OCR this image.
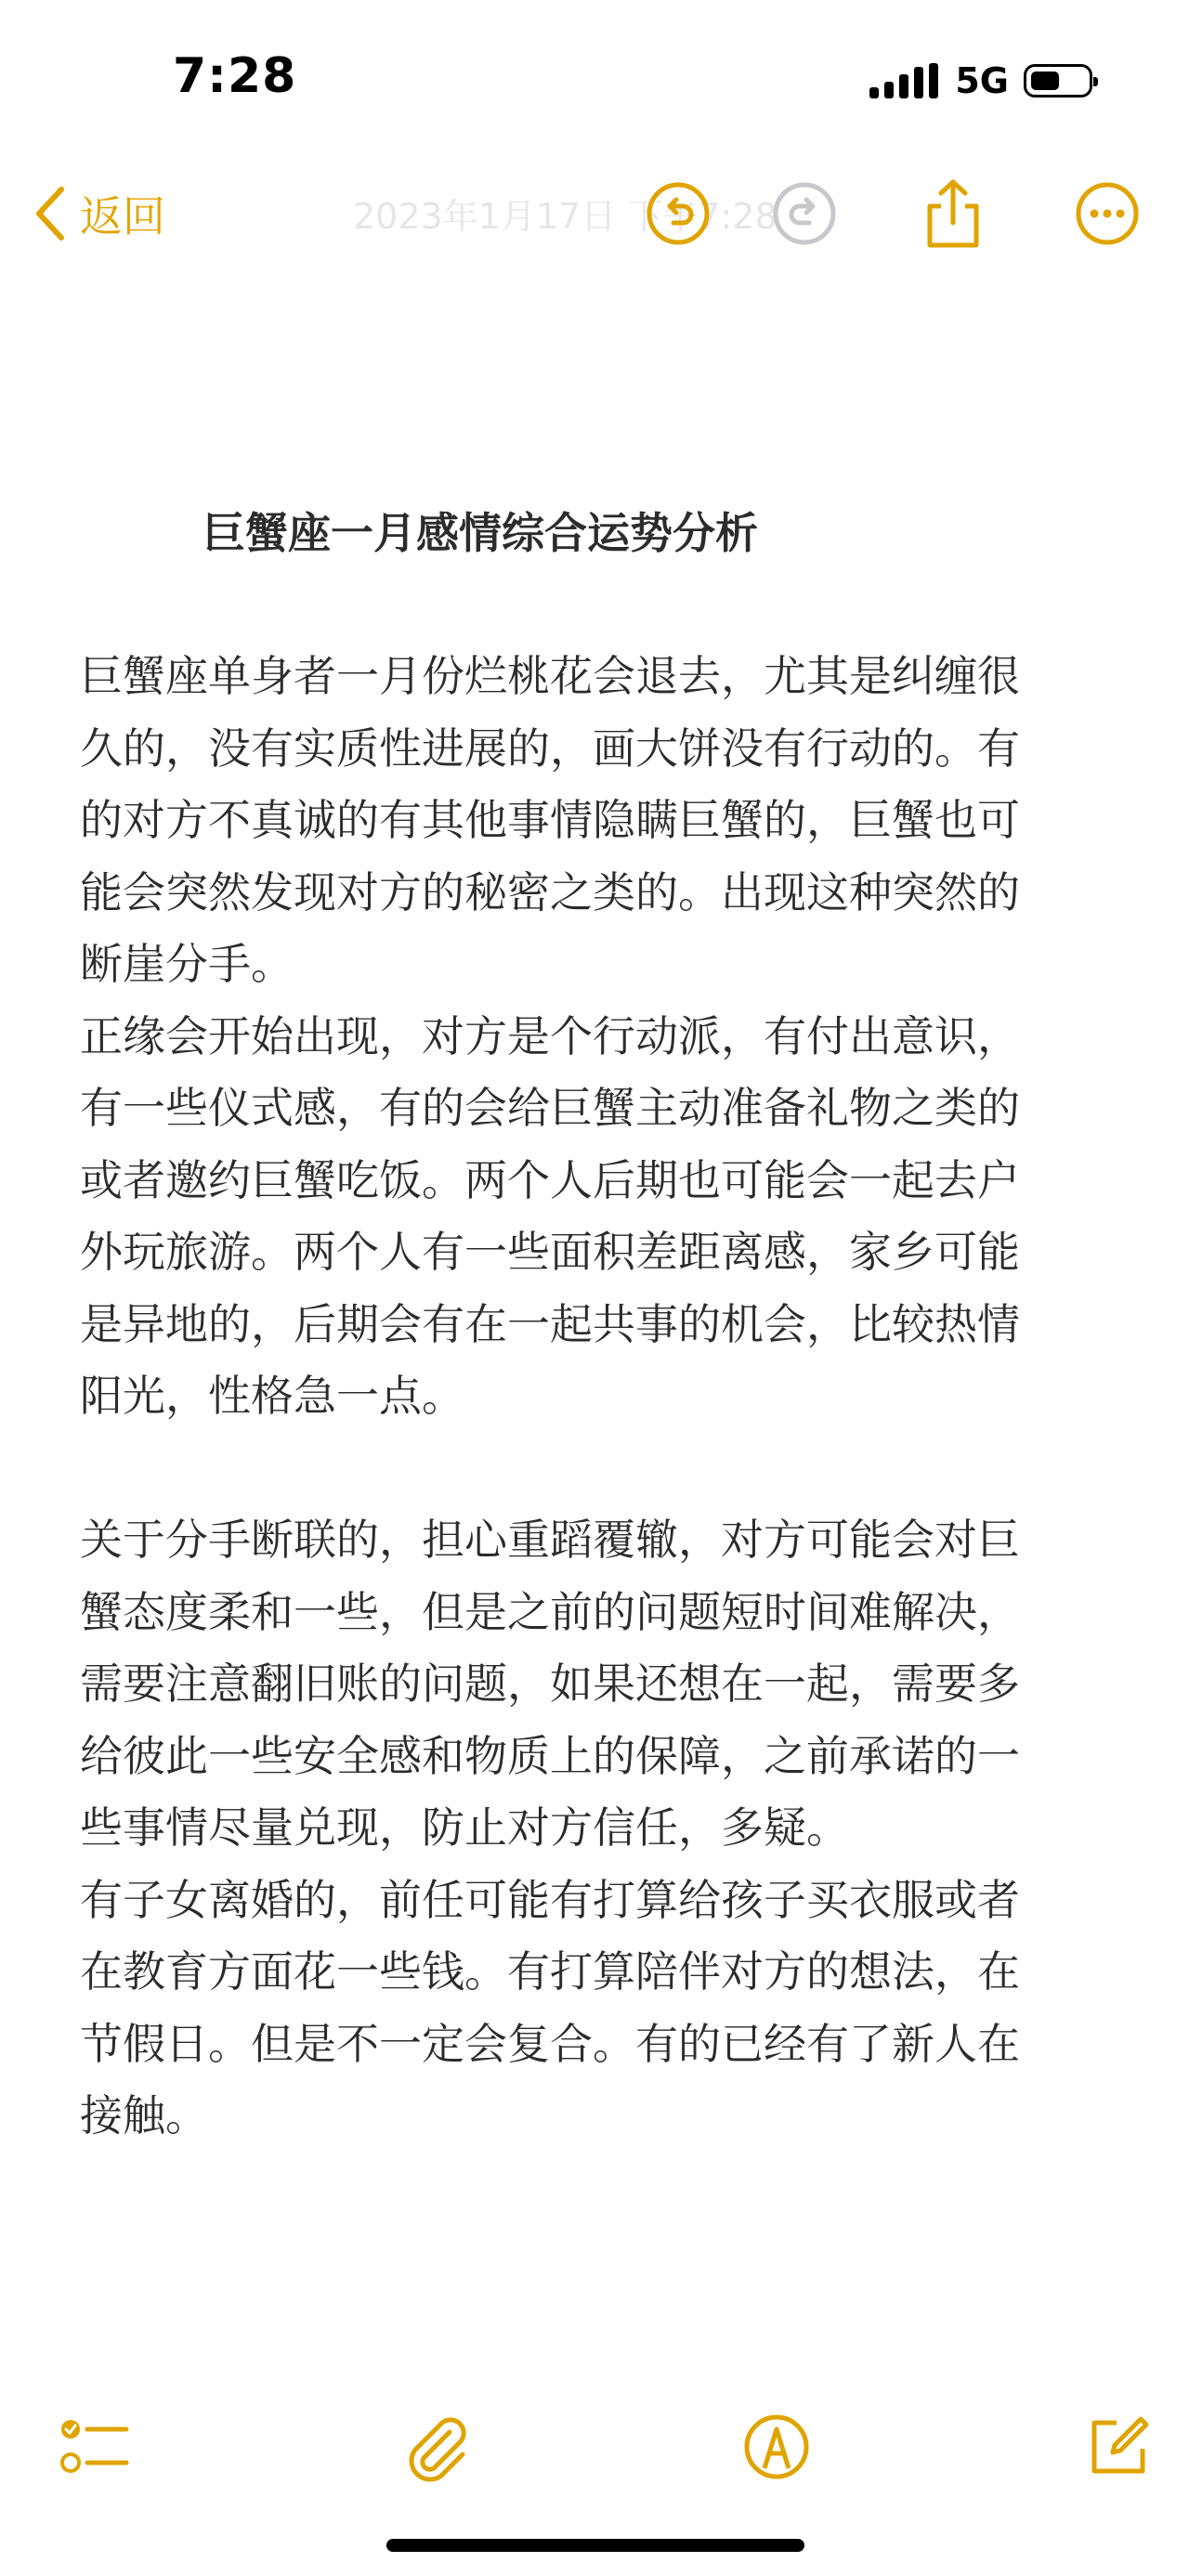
7:28	5G
返回	2023年1月17日 下午7:28
巨蟹座一月感情综合运势分析
巨蟹座单身者一月份烂桃花会退去，尤其是纠缠很
久的，没有实质性进展的，画大饼没有行动的。有
的对方不真诚的有其他事情隐瞒巨蟹的，巨蟹也可
能会突然发现对方的秘密之类的。出现这种突然的
断崖分手。
正缘会开始出现，对方是个行动派，有付出意识，
有一些仪式感，有的会给巨蟹主动准备礼物之类的
或者邀约巨蟹吃饭。两个人后期也可能会一起去户
外玩旅游。两个人有一些面积差距离感，家乡可能
是异地的，后期会有在一起共事的机会，比较热情
阳光，性格急一点。
关于分手断联的，担心重蹈覆辙，对方可能会对巨
蟹态度柔和一些，但是之前的问题短时间难解决，
需要注意翻旧账的问题，如果还想在一起，需要多
给彼此一些安全感和物质上的保障，之前承诺的一
些事情尽量兑现，防止对方信任，多疑。
有子女离婚的，前任可能有打算给孩子买衣服或者
在教育方面花一些钱。有打算陪伴对方的想法，在
节假日。但是不一定会复合。有的已经有了新人在
接触。
